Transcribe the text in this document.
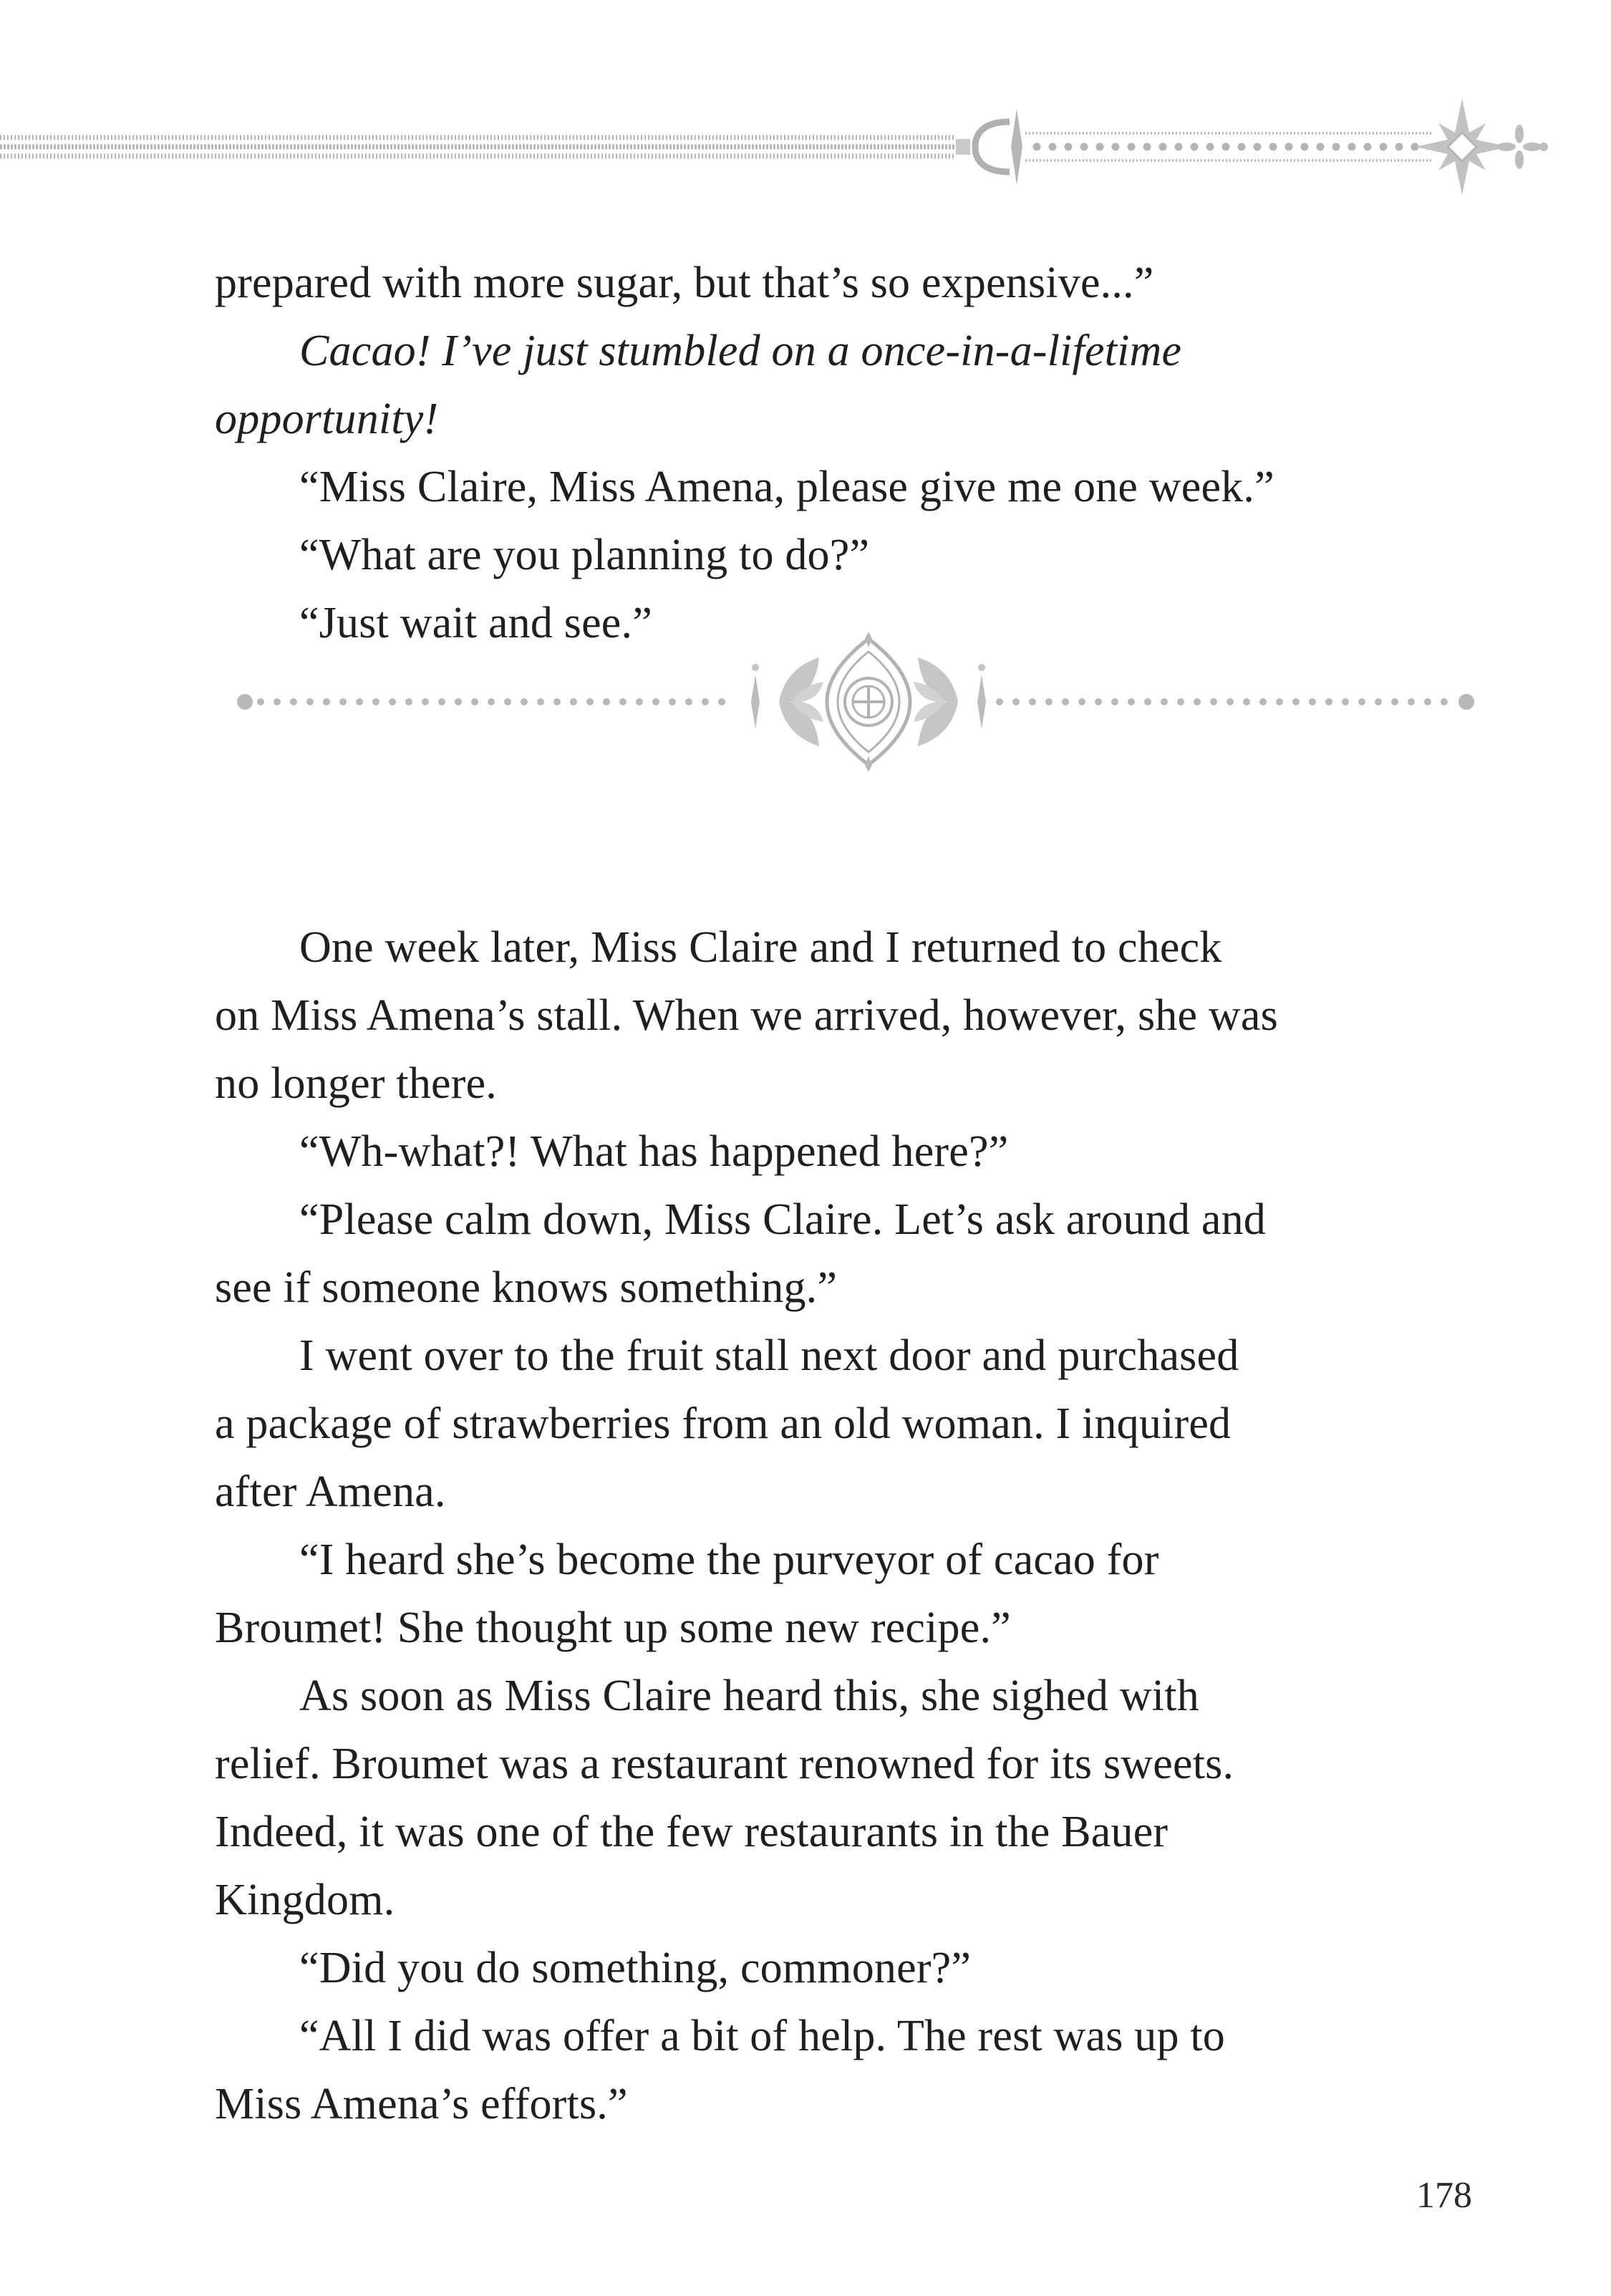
prepared with more sugar, but that’s so expensive...”

Cacao! I’ve just stumbled on a once-in-a-lifetime

opportunity!

“Miss Claire, Miss Amena, please give me one week.”

“What are you planning to do?”

“Just wait and see.”

One week later, Miss Claire and I returned to check

on Miss Amena’s stall. When we arrived, however, she was

no longer there.

“Wh-what?! What has happened here?”

“Please calm down, Miss Claire. Let’s ask around and

see if someone knows something.”

I went over to the fruit stall next door and purchased

a package of strawberries from an old woman. I inquired

after Amena.

“I heard she’s become the purveyor of cacao for

Broumet! She thought up some new recipe.”

As soon as Miss Claire heard this, she sighed with

relief. Broumet was a restaurant renowned for its sweets.

Indeed, it was one of the few restaurants in the Bauer

Kingdom.

“Did you do something, commoner?”

“All I did was offer a bit of help. The rest was up to

Miss Amena’s efforts.”

178
